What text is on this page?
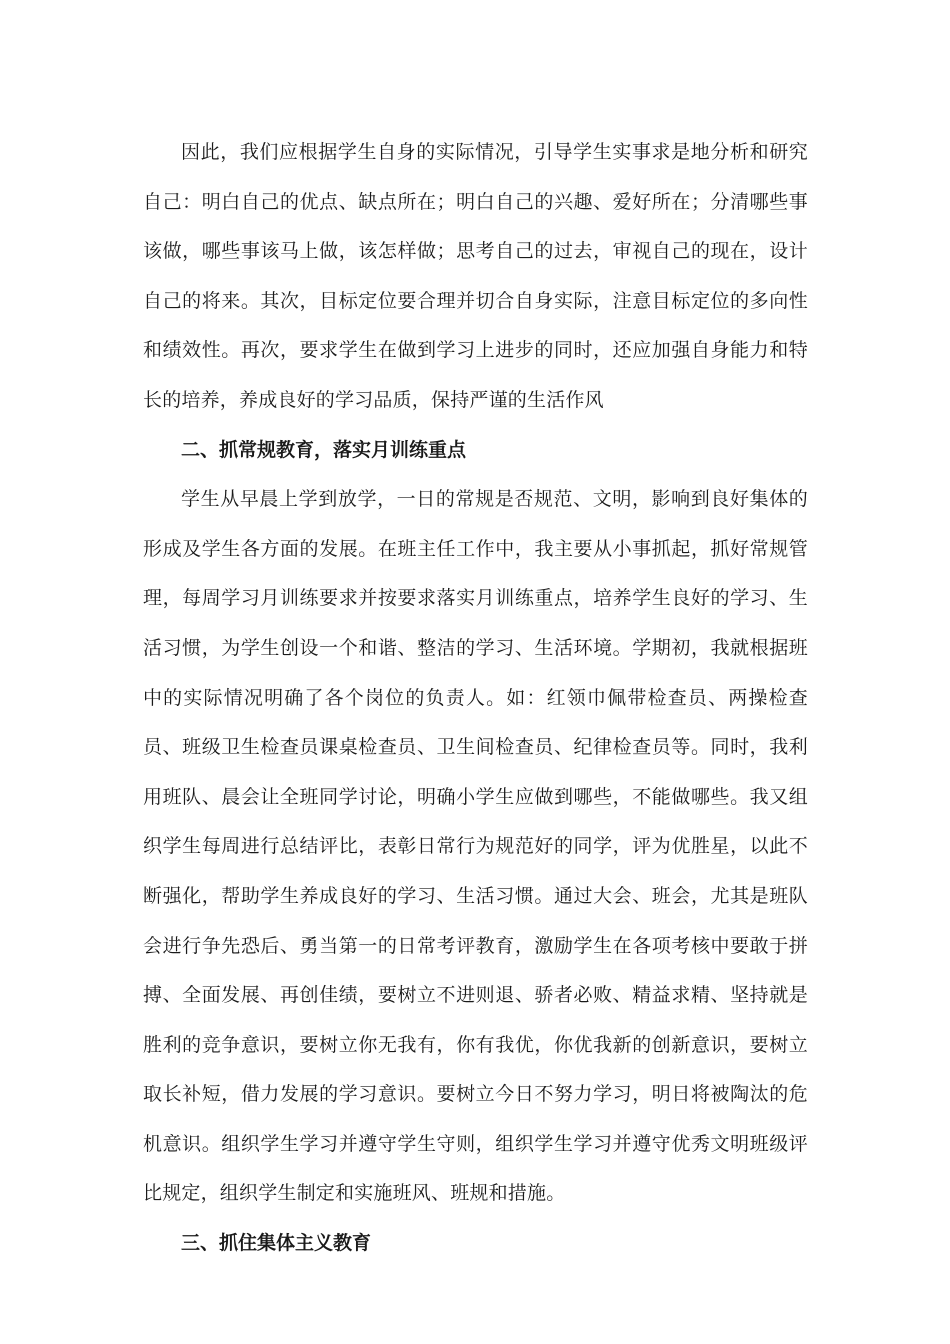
因此，我们应根据学生自身的实际情况，引导学生实事求是地分析和研究自己：明白自己的优点、缺点所在；明白自己的兴趣、爱好所在；分清哪些事该做，哪些事该马上做，该怎样做；思考自己的过去，审视自己的现在，设计自己的将来。其次，目标定位要合理并切合自身实际，注意目标定位的多向性和绩效性。再次，要求学生在做到学习上进步的同时，还应加强自身能力和特长的培养，养成良好的学习品质，保持严谨的生活作风

二、抓常规教育，落实月训练重点

学生从早晨上学到放学，一日的常规是否规范、文明，影响到良好集体的形成及学生各方面的发展。在班主任工作中，我主要从小事抓起，抓好常规管理，每周学习月训练要求并按要求落实月训练重点，培养学生良好的学习、生活习惯，为学生创设一个和谐、整洁的学习、生活环境。学期初，我就根据班中的实际情况明确了各个岗位的负责人。如：红领巾佩带检查员、两操检查员、班级卫生检查员课桌检查员、卫生间检查员、纪律检查员等。同时，我利用班队、晨会让全班同学讨论，明确小学生应做到哪些，不能做哪些。我又组织学生每周进行总结评比，表彰日常行为规范好的同学，评为优胜星，以此不断强化，帮助学生养成良好的学习、生活习惯。通过大会、班会，尤其是班队会进行争先恐后、勇当第一的日常考评教育，激励学生在各项考核中要敢于拼搏、全面发展、再创佳绩，要树立不进则退、骄者必败、精益求精、坚持就是胜利的竞争意识，要树立你无我有，你有我优，你优我新的创新意识，要树立取长补短，借力发展的学习意识。要树立今日不努力学习，明日将被陶汰的危机意识。组织学生学习并遵守学生守则，组织学生学习并遵守优秀文明班级评比规定，组织学生制定和实施班风、班规和措施。

三、抓住集体主义教育
